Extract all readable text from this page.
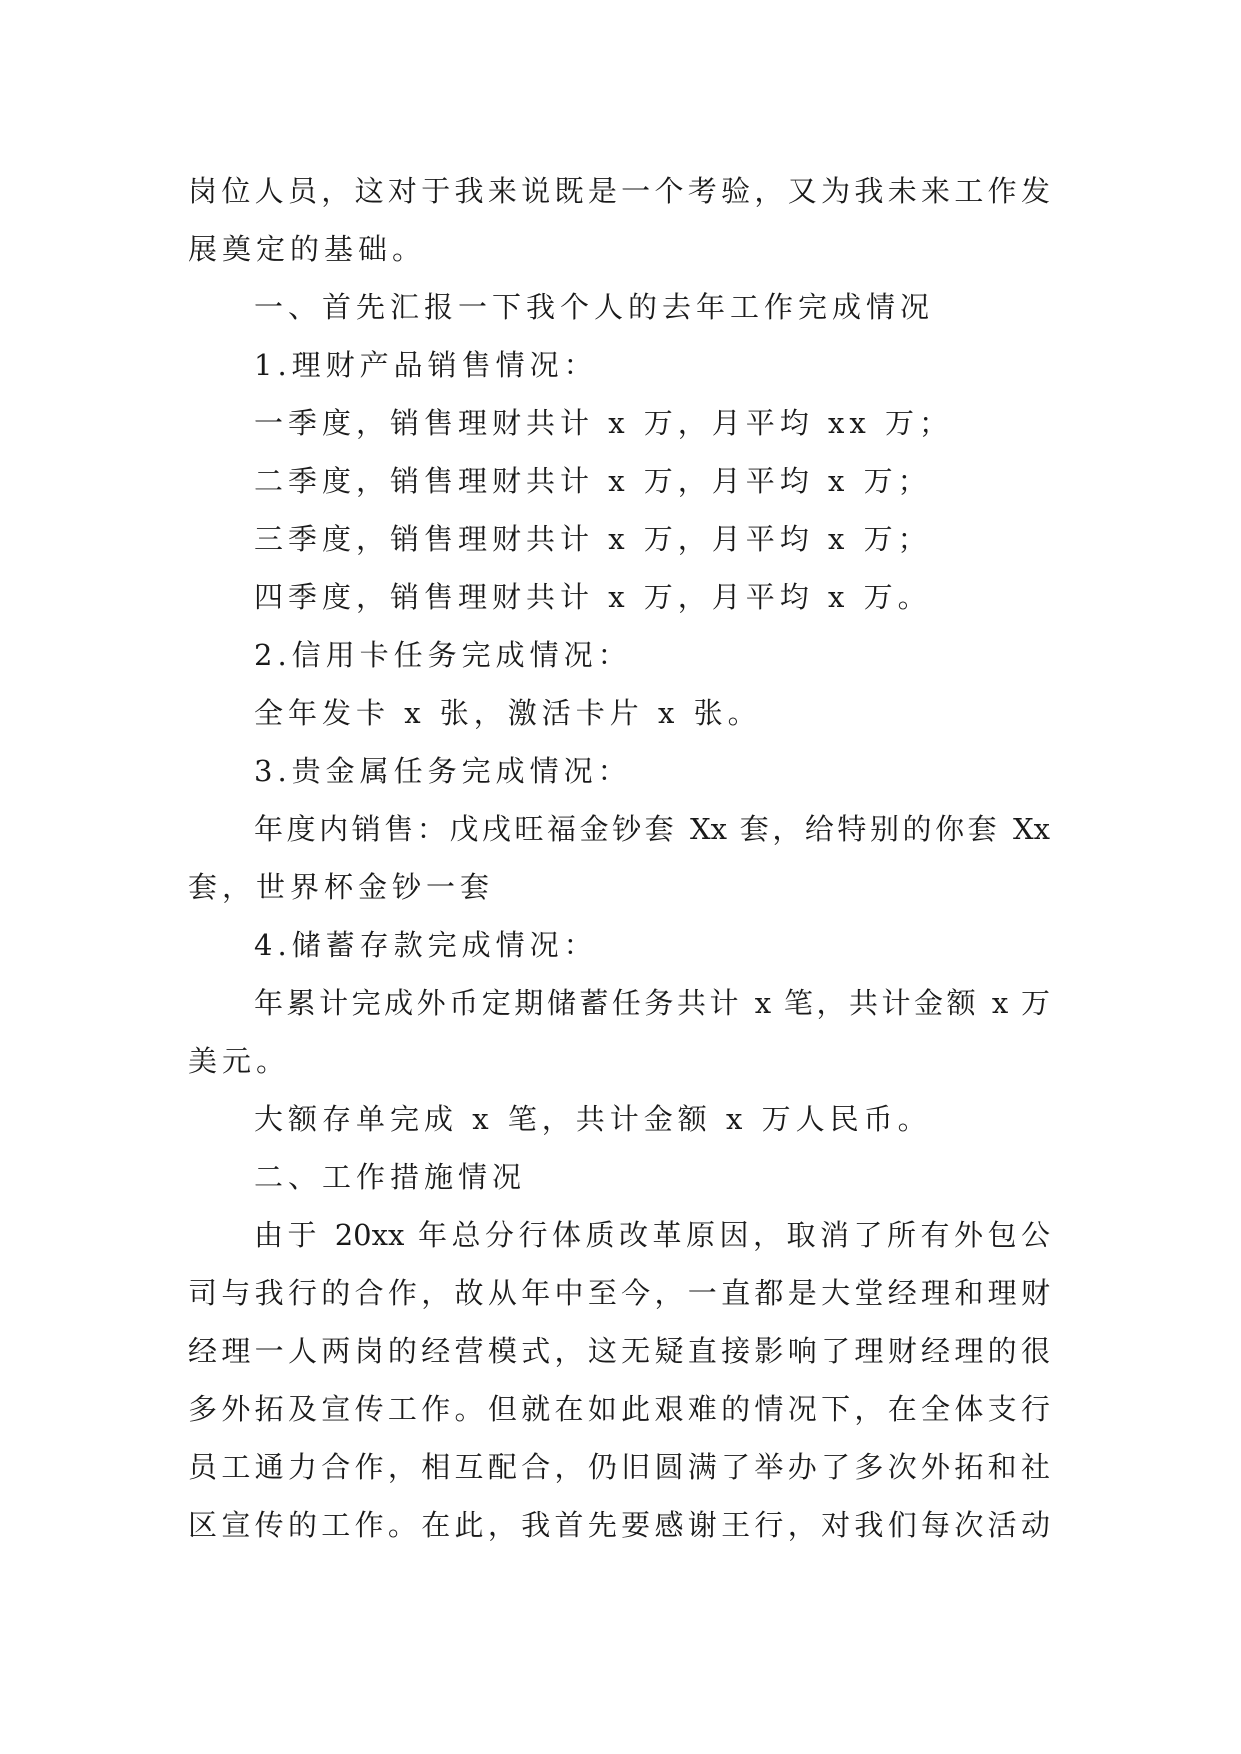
岗位人员，这对于我来说既是一个考验，又为我未来工作发
展奠定的基础。
一、首先汇报一下我个人的去年工作完成情况
1.理财产品销售情况：
一季度，销售理财共计 x 万，月平均 xx 万；
二季度，销售理财共计 x 万，月平均 x 万；
三季度，销售理财共计 x 万，月平均 x 万；
四季度，销售理财共计 x 万，月平均 x 万。
2.信用卡任务完成情况：
全年发卡 x 张，激活卡片 x 张。
3.贵金属任务完成情况：
年度内销售：戊戌旺福金钞套 Xx 套，给特别的你套 Xx
套，世界杯金钞一套
4.储蓄存款完成情况：
年累计完成外币定期储蓄任务共计 x 笔，共计金额 x 万
美元。
大额存单完成 x 笔，共计金额 x 万人民币。
二、工作措施情况
由于 20xx 年总分行体质改革原因，取消了所有外包公
司与我行的合作，故从年中至今，一直都是大堂经理和理财
经理一人两岗的经营模式，这无疑直接影响了理财经理的很
多外拓及宣传工作。但就在如此艰难的情况下，在全体支行
员工通力合作，相互配合，仍旧圆满了举办了多次外拓和社
区宣传的工作。在此，我首先要感谢王行，对我们每次活动
